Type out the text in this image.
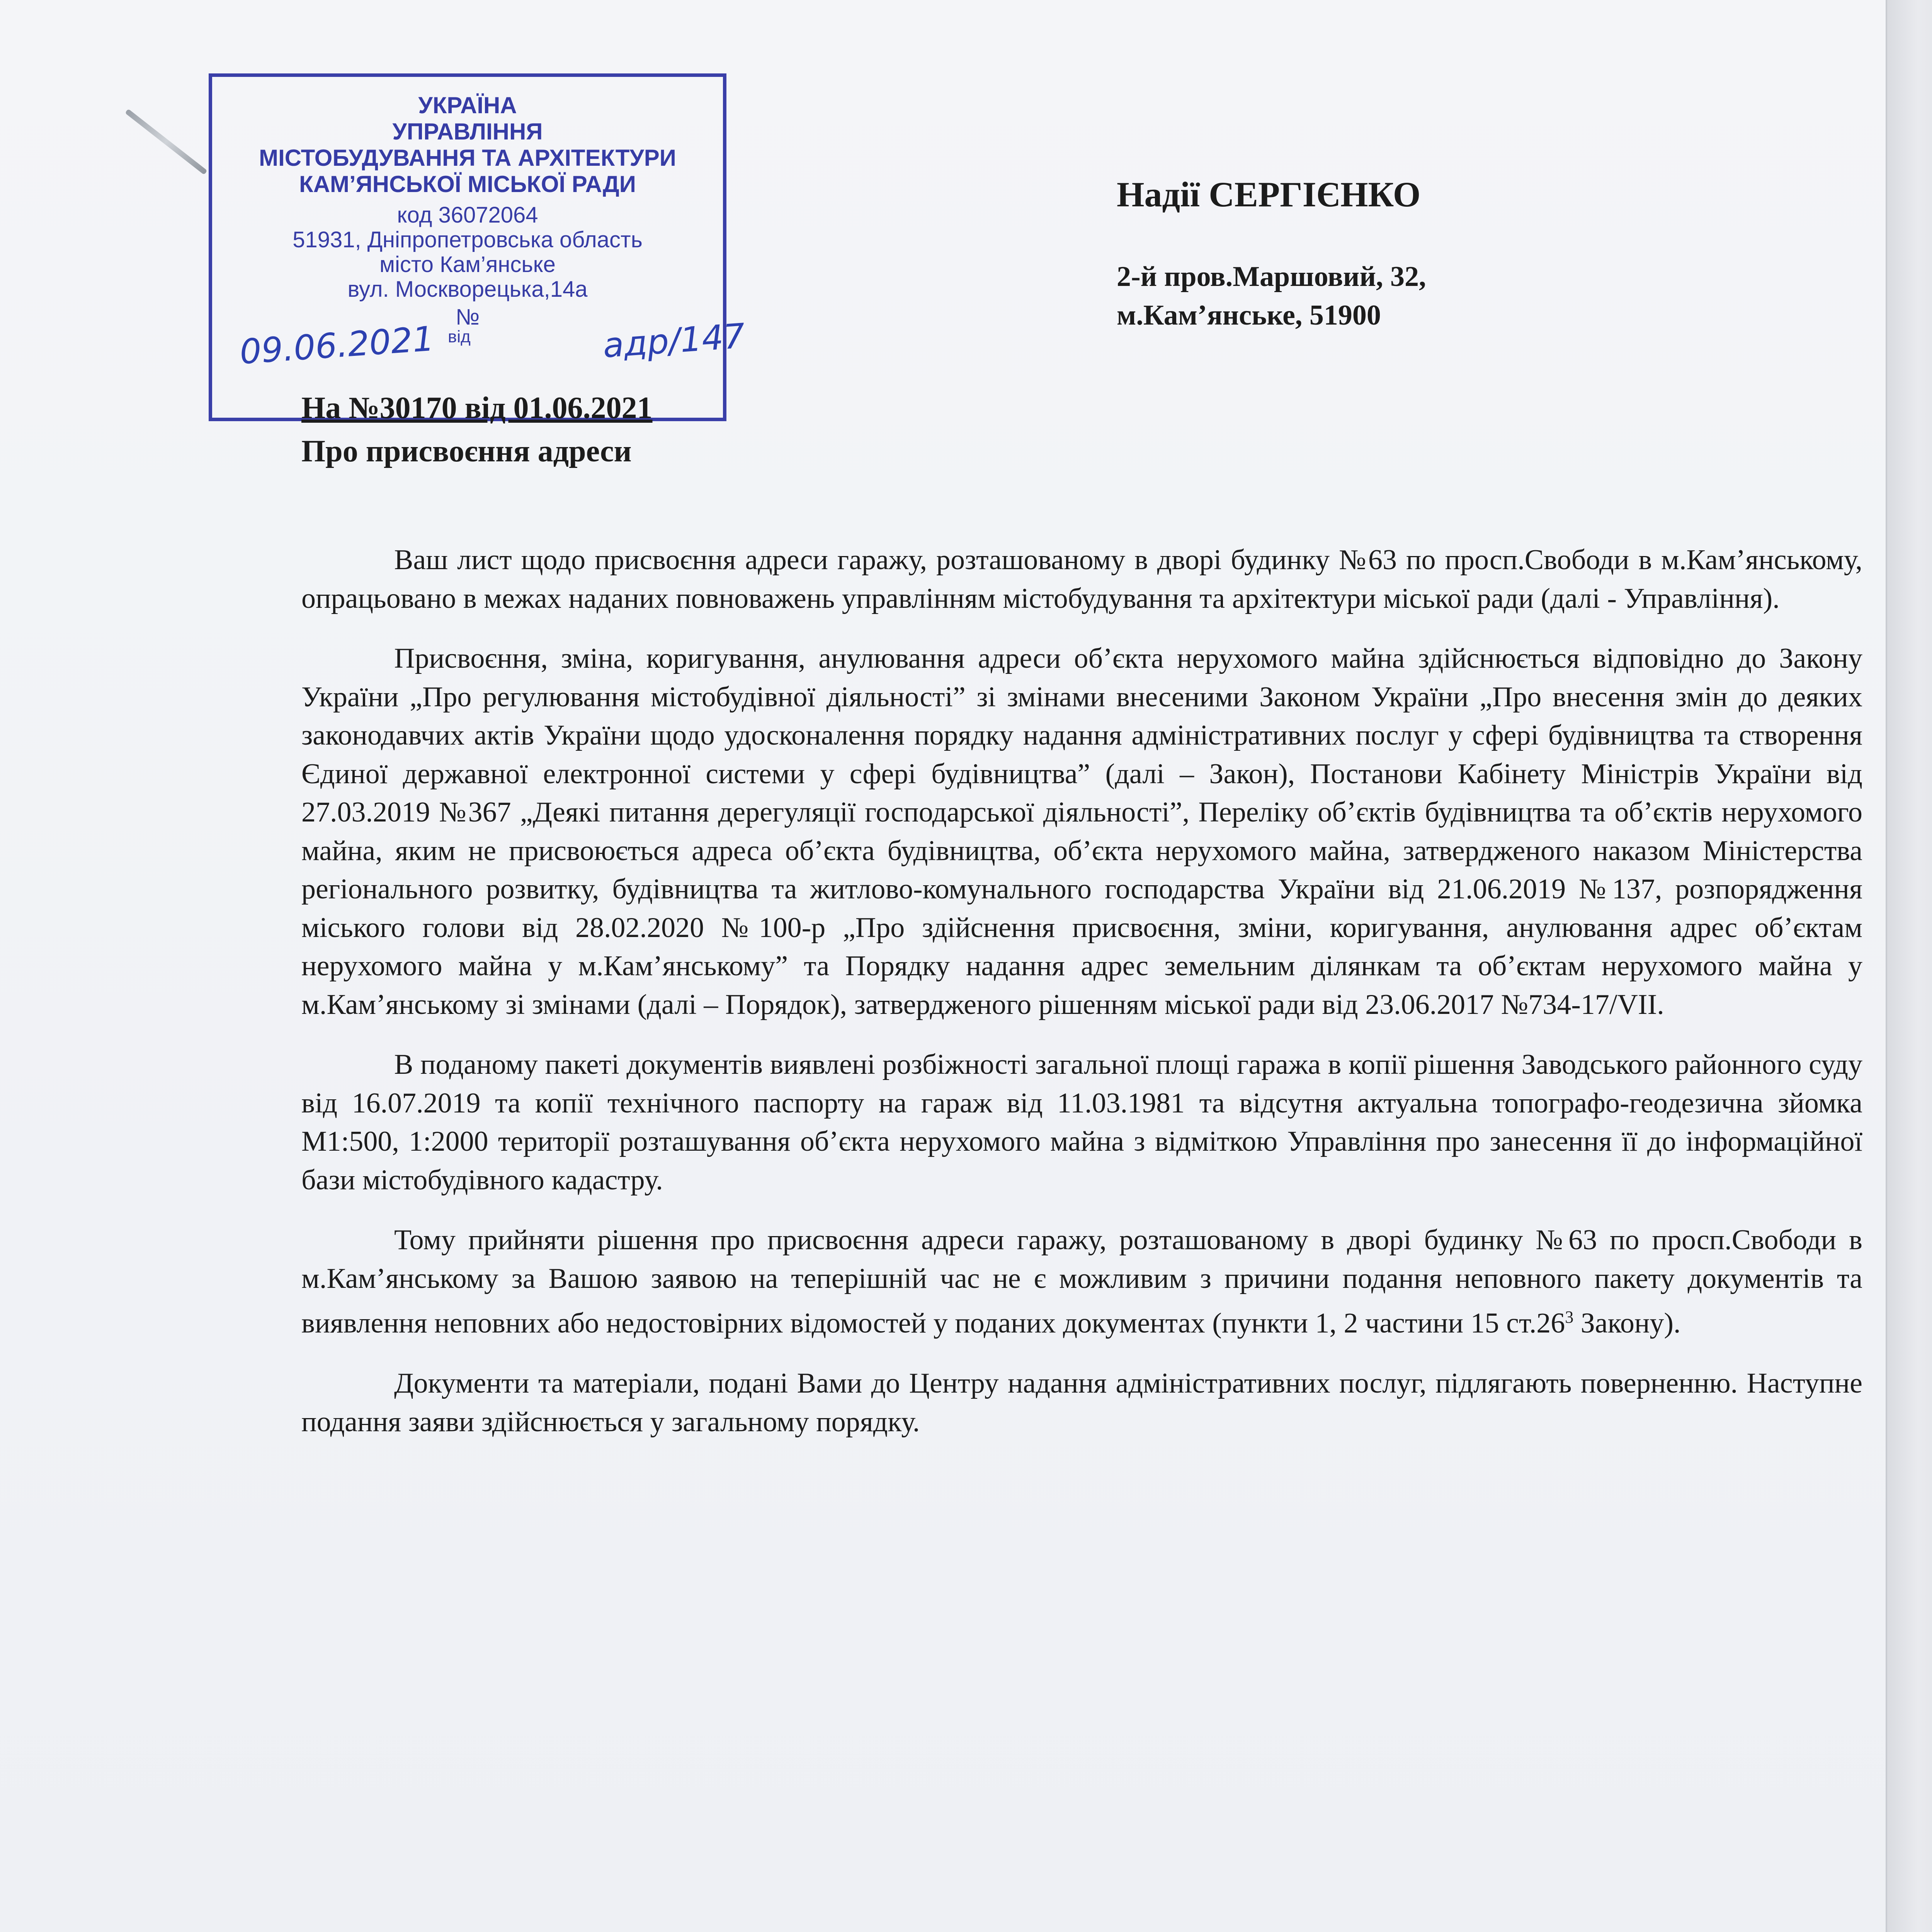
УКРАЇНА
УПРАВЛІННЯ
МІСТОБУДУВАННЯ ТА АРХІТЕКТУРИ
КАМ’ЯНСЬКОЇ МІСЬКОЇ РАДИ
код 36072064
51931, Дніпропетровська область
місто Кам’янське
вул. Москворецька,14а
№
від
09.06.2021	адр/147
Надії СЕРГІЄНКО
2-й пров.Маршовий, 32,
м.Кам’янське, 51900
На №30170 від 01.06.2021
Про присвоєння адреси

Ваш лист щодо присвоєння адреси гаражу, розташованому в дворі будинку №63 по просп.Свободи в м.Кам’янському, опрацьовано в межах наданих повноважень управлінням містобудування та архітектури міської ради (далі - Управління).

Присвоєння, зміна, коригування, анулювання адреси об’єкта нерухомого майна здійснюється відповідно до Закону України „Про регулювання містобудівної діяльності” зі змінами внесеними Законом України „Про внесення змін до деяких законодавчих актів України щодо удосконалення порядку надання адміністративних послуг у сфері будівництва та створення Єдиної державної електронної системи у сфері будівництва” (далі – Закон), Постанови Кабінету Міністрів України від 27.03.2019 №367 „Деякі питання дерегуляції господарської діяльності”, Переліку об’єктів будівництва та об’єктів нерухомого майна, яким не присвоюється адреса об’єкта будівництва, об’єкта нерухомого майна, затвердженого наказом Міністерства регіонального розвитку, будівництва та житлово-комунального господарства України від 21.06.2019 №137, розпорядження міського голови від 28.02.2020 №100-р „Про здійснення присвоєння, зміни, коригування, анулювання адрес об’єктам нерухомого майна у м.Кам’янському” та Порядку надання адрес земельним ділянкам та об’єктам нерухомого майна у м.Кам’янському зі змінами (далі – Порядок), затвердженого рішенням міської ради від 23.06.2017 №734-17/VII.

В поданому пакеті документів виявлені розбіжності загальної площі гаража в копії рішення Заводського районного суду від 16.07.2019 та копії технічного паспорту на гараж від 11.03.1981 та відсутня актуальна топографо-геодезична зйомка М1:500, 1:2000 території розташування об’єкта нерухомого майна з відміткою Управління про занесення її до інформаційної бази містобудівного кадастру.

Тому прийняти рішення про присвоєння адреси гаражу, розташованому в дворі будинку №63 по просп.Свободи в м.Кам’янському за Вашою заявою на теперішній час не є можливим з причини подання неповного пакету документів та виявлення неповних або недостовірних відомостей у поданих документах (пункти 1, 2 частини 15 $ст.26^3$ Закону).

Документи та матеріали, подані Вами до Центру надання адміністративних послуг, підлягають поверненню. Наступне подання заяви здійснюється у загальному порядку.
